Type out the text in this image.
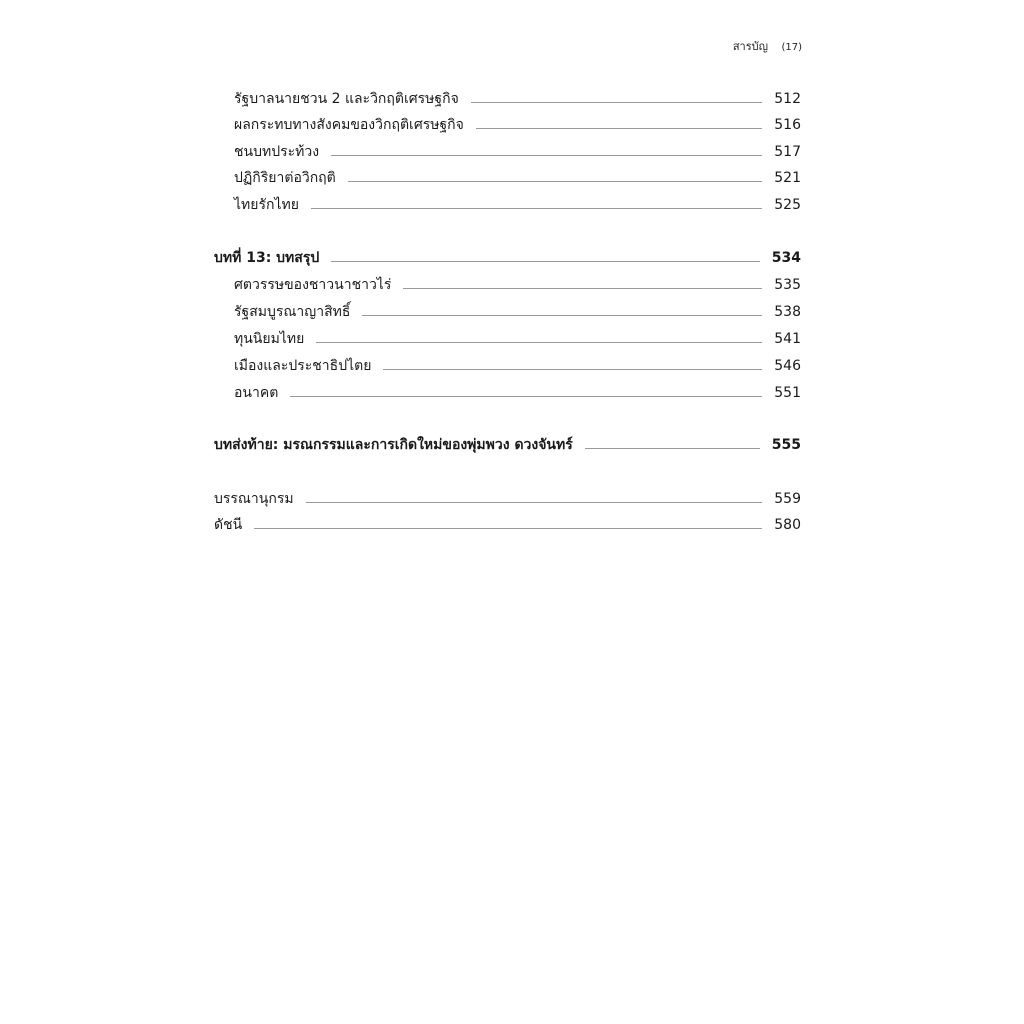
สารบัญ (17)
รัฐบาลนายชวน 2 และวิกฤติเศรษฐกิจ	512
ผลกระทบทางสังคมของวิกฤติเศรษฐกิจ	516
ชนบทประท้วง	517
ปฏิกิริยาต่อวิกฤติ	521
ไทยรักไทย	525
บทที่ 13: บทสรุป	534
ศตวรรษของชาวนาชาวไร่	535
รัฐสมบูรณาญาสิทธิ์	538
ทุนนิยมไทย	541
เมืองและประชาธิปไตย	546
อนาคต	551
บทส่งท้าย: มรณกรรมและการเกิดใหม่ของพุ่มพวง ดวงจันทร์	555
บรรณานุกรม	559
ดัชนี	580
